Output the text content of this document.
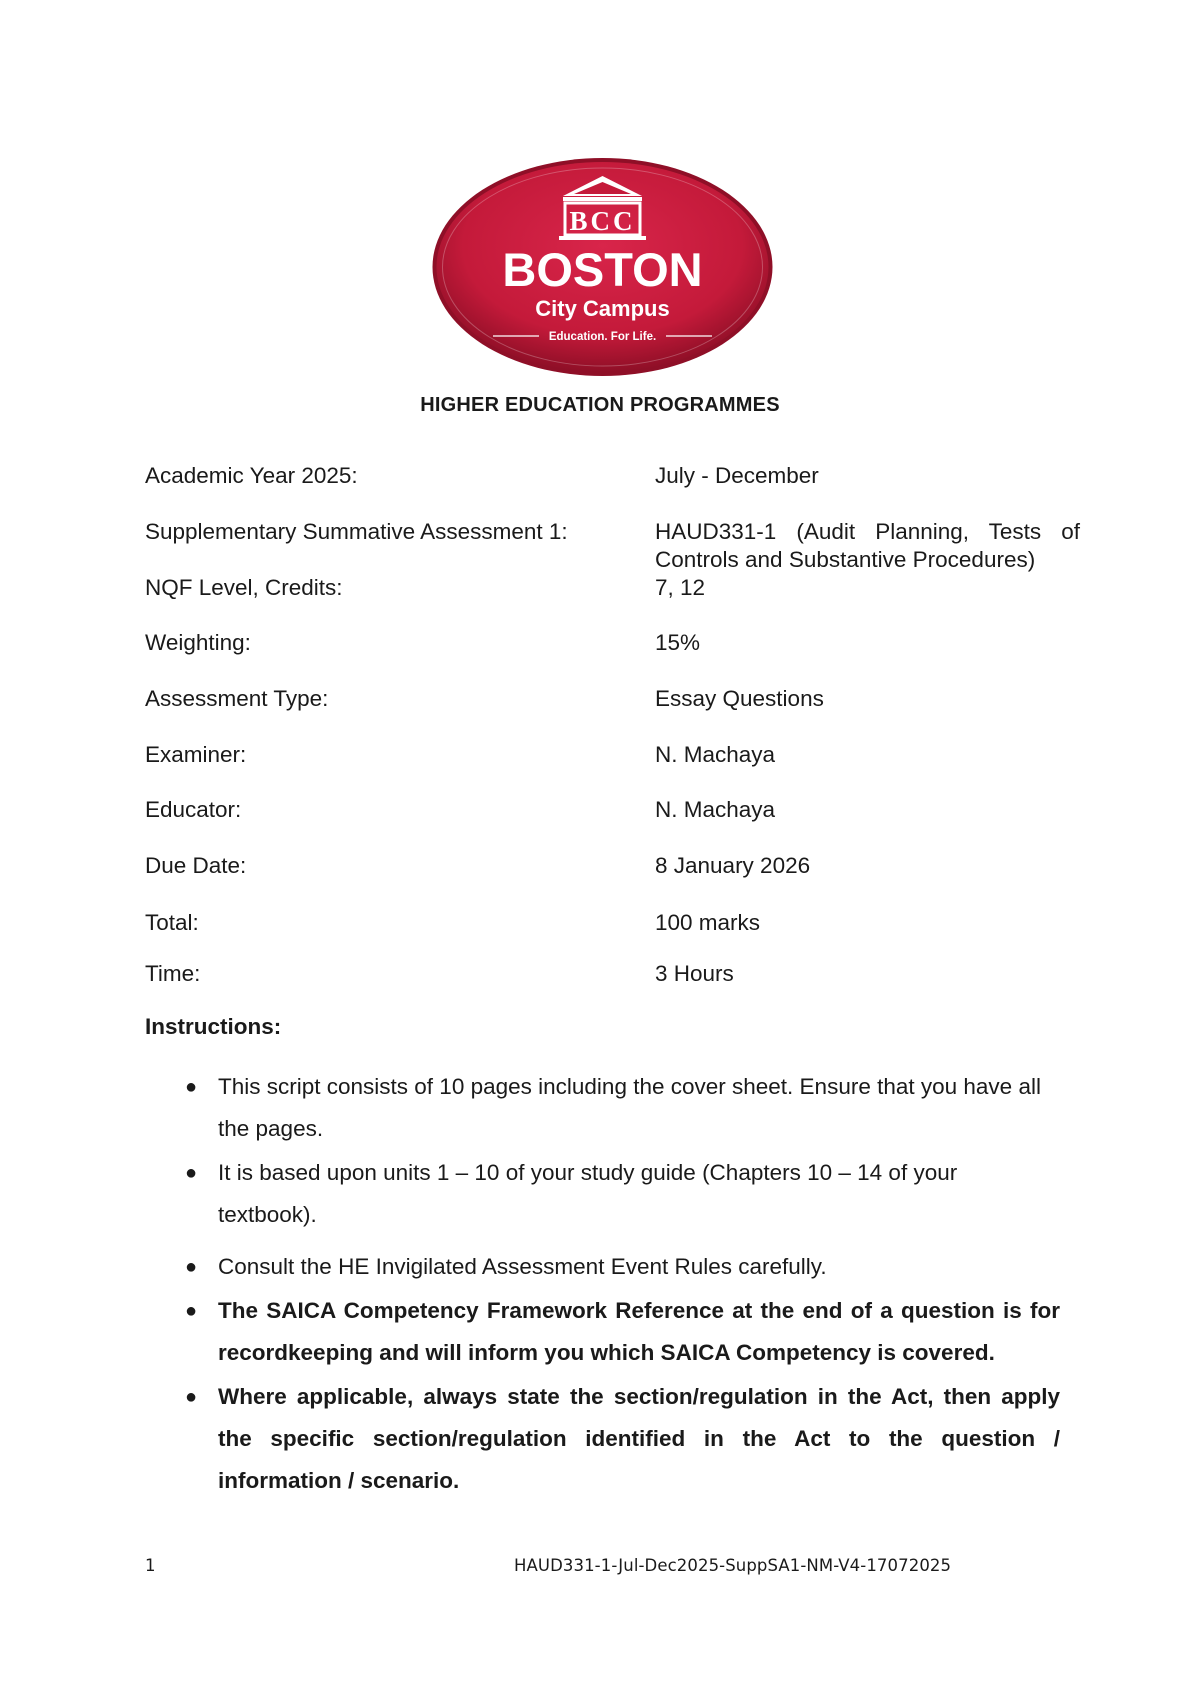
BCC
BOSTON
City Campus
Education. For Life.
HIGHER EDUCATION PROGRAMMES
Academic Year 2025:	July - December
Supplementary Summative Assessment 1:	HAUD331-1 (Audit Planning, Tests of Controls and Substantive Procedures)
NQF Level, Credits:	7, 12
Weighting:	15%
Assessment Type:	Essay Questions
Examiner:	N. Machaya
Educator:	N. Machaya
Due Date:	8 January 2026
Total:	100 marks
Time:	3 Hours
Instructions:
● This script consists of 10 pages including the cover sheet. Ensure that you have all the pages.
● It is based upon units 1 – 10 of your study guide (Chapters 10 – 14 of your textbook).
● Consult the HE Invigilated Assessment Event Rules carefully.
● The SAICA Competency Framework Reference at the end of a question is for recordkeeping and will inform you which SAICA Competency is covered.
● Where applicable, always state the section/regulation in the Act, then apply the specific section/regulation identified in the Act to the question / information / scenario.
1	HAUD331-1-Jul-Dec2025-SuppSA1-NM-V4-17072025
